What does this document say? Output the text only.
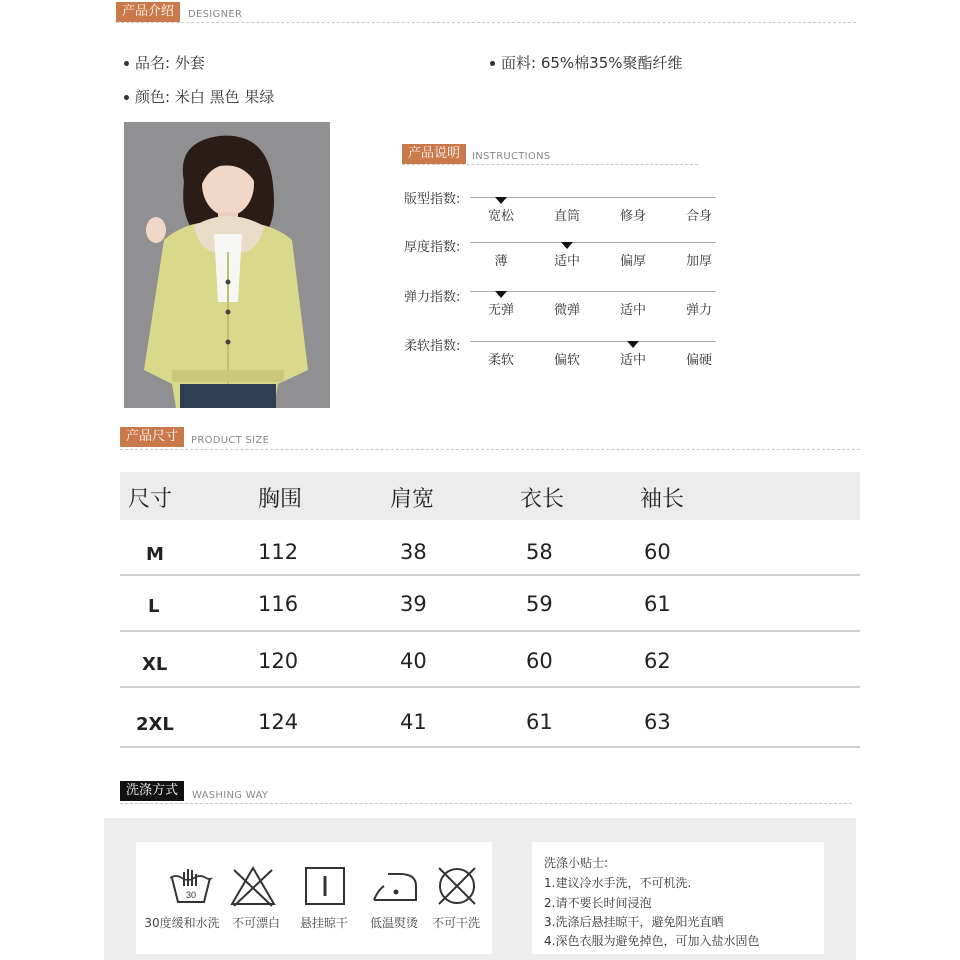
产品介绍	DESIGNER
品名: 外套	面料: 65%棉35%聚酯纤维
颜色: 米白 黑色 果绿
产品说明	INSTRUCTIONS
版型指数:
宽松	直筒	修身	合身
厚度指数:
薄	适中	偏厚	加厚
弹力指数:
无弹	微弹	适中	弹力
柔软指数:
柔软	偏软	适中	偏硬
产品尺寸	PRODUCT SIZE
尺寸	胸围	肩宽	衣长	袖长
M	112	38	58	60
L	116	39	59	61
XL	120	40	60	62
2XL	124	41	61	63
洗涤方式	WASHING WAY
30
30度缓和水洗	不可漂白	悬挂晾干	低温熨烫	不可干洗
洗涤小贴士:
1.建议冷水手洗，不可机洗.
2.请不要长时间浸泡
3.洗涤后悬挂晾干，避免阳光直晒
4.深色衣服为避免掉色，可加入盐水固色
